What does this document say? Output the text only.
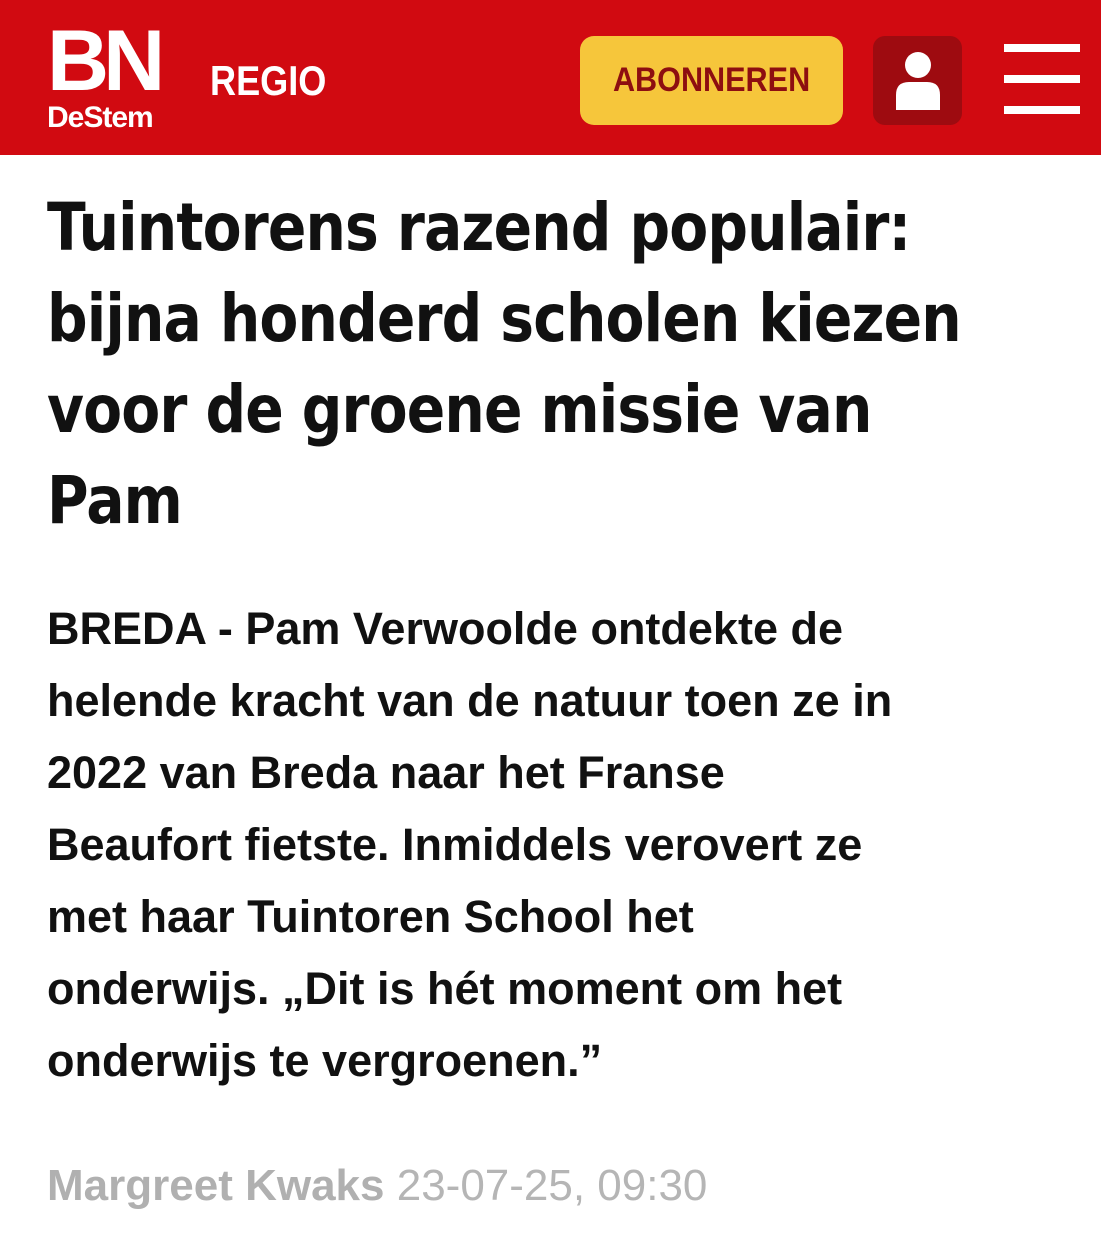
BN
DeStem
REGIO	ABONNEREN
Tuintorens razend populair:
bijna honderd scholen kiezen
voor de groene missie van
Pam

BREDA - Pam Verwoolde ontdekte de
helende kracht van de natuur toen ze in
2022 van Breda naar het Franse
Beaufort fietste. Inmiddels verovert ze
met haar Tuintoren School het
onderwijs. „Dit is hét moment om het
onderwijs te vergroenen.”

Margreet Kwaks 23-07-25, 09:30
